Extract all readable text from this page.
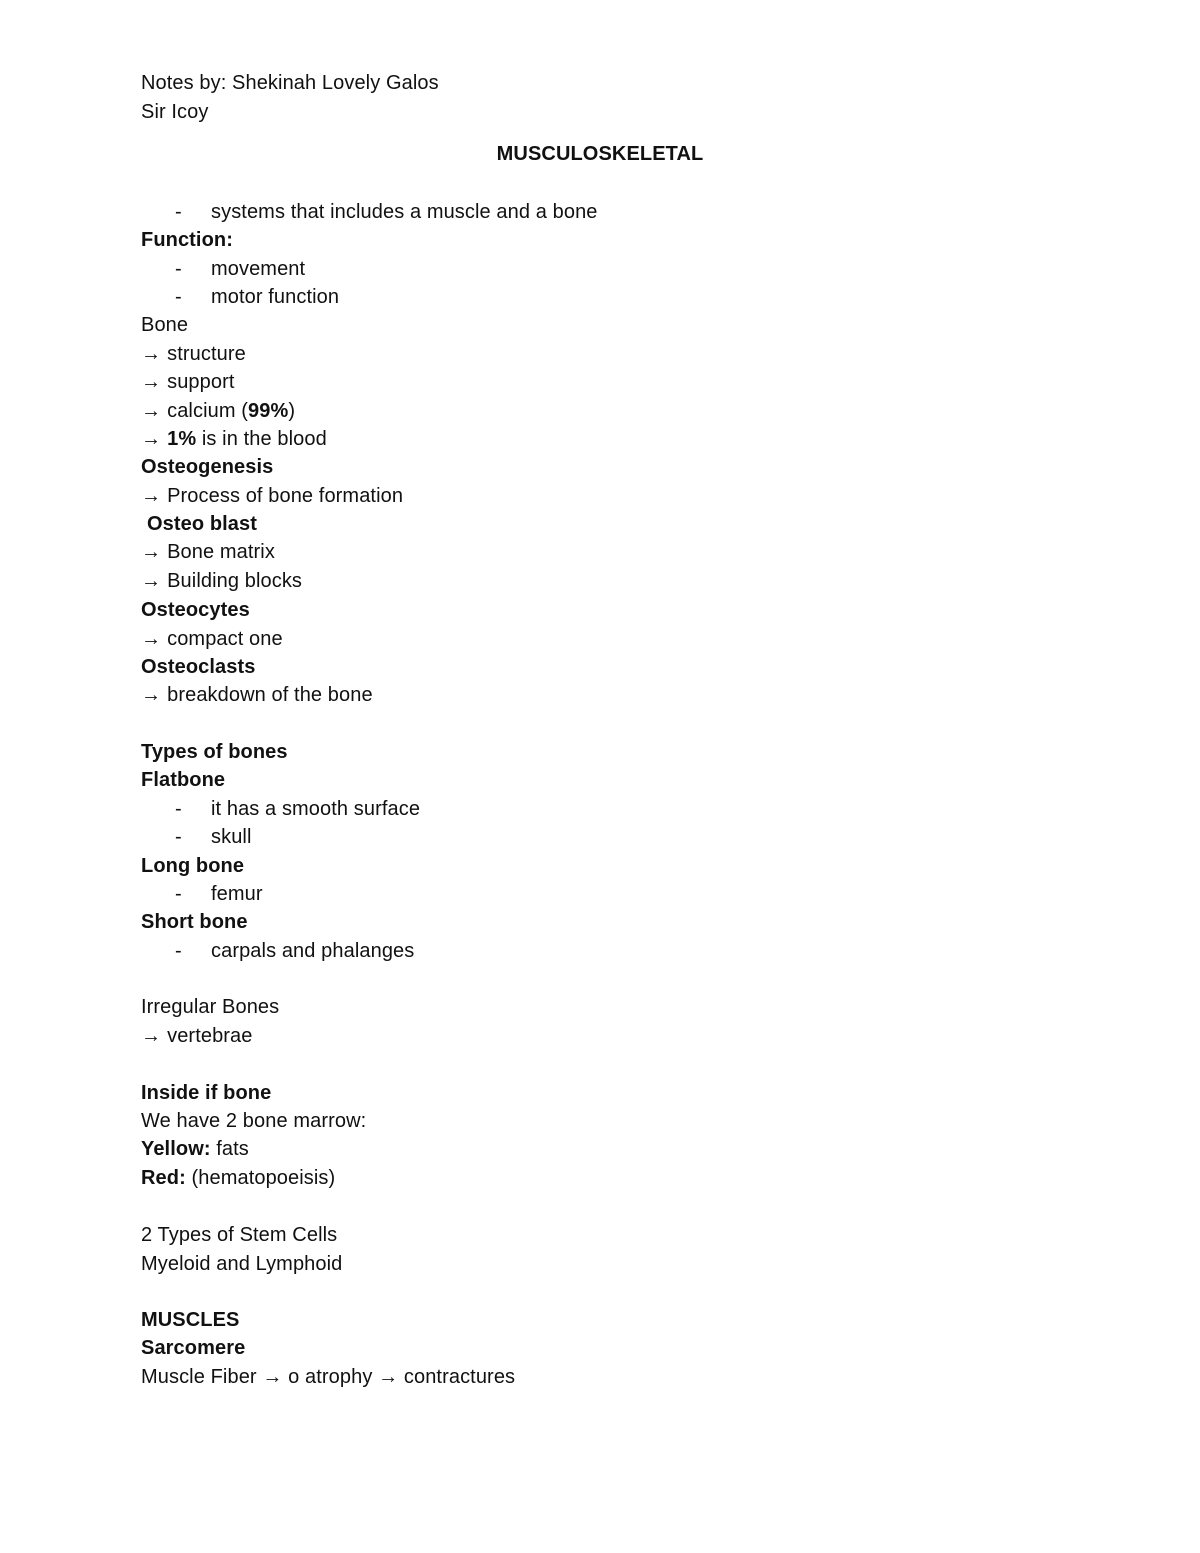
Notes by: Shekinah Lovely Galos
Sir Icoy
MUSCULOSKELETAL
- systems that includes a muscle and a bone
Function:
- movement
- motor function
Bone
→ structure
→ support
→ calcium (99%)
→ 1% is in the blood
Osteogenesis
→ Process of bone formation
Osteo blast
→ Bone matrix
→ Building blocks
Osteocytes
→ compact one
Osteoclasts
→ breakdown of the bone
Types of bones
Flatbone
- it has a smooth surface
- skull
Long bone
- femur
Short bone
- carpals and phalanges
Irregular Bones
→ vertebrae
Inside if bone
We have 2 bone marrow:
Yellow: fats
Red: (hematopoeisis)
2 Types of Stem Cells
Myeloid and Lymphoid
MUSCLES
Sarcomere
Muscle Fiber → o atrophy → contractures
